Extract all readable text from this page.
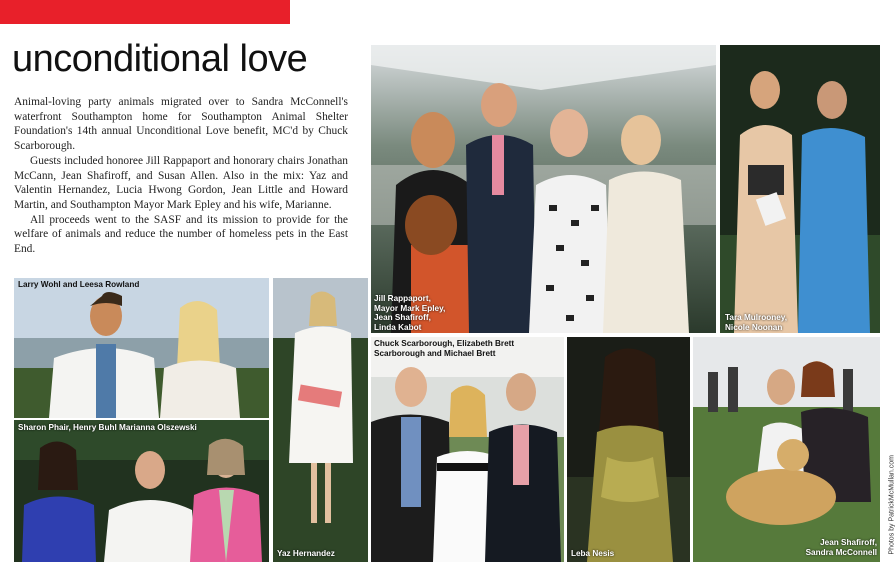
unconditional love

Animal-loving party animals migrated over to Sandra McConnell's waterfront Southampton home for Southampton Animal Shelter Foundation's 14th annual Unconditional Love benefit, MC'd by Chuck Scarborough.

Guests included honoree Jill Rappaport and honorary chairs Jonathan McCann, Jean Shafiroff, and Susan Allen. Also in the mix: Yaz and Valentin Hernandez, Lucia Hwong Gordon, Jean Little and Howard Martin, and Southampton Mayor Mark Epley and his wife, Marianne.

All proceeds went to the SASF and its mission to provide for the welfare of animals and reduce the number of homeless pets in the East End.

Jill Rappaport,
Mayor Mark Epley,
Jean Shafiroff,
Linda Kabot
Tara Mulrooney,
Nicole Noonan
Larry Wohl and Leesa Rowland
Yaz Hernandez
Sharon Phair, Henry Buhl Marianna Olszewski
Chuck Scarborough, Elizabeth Brett
Scarborough and Michael Brett
Leba Nesis
Jean Shafiroff,
Sandra McConnell Photos by PatrickMcMullan.com
